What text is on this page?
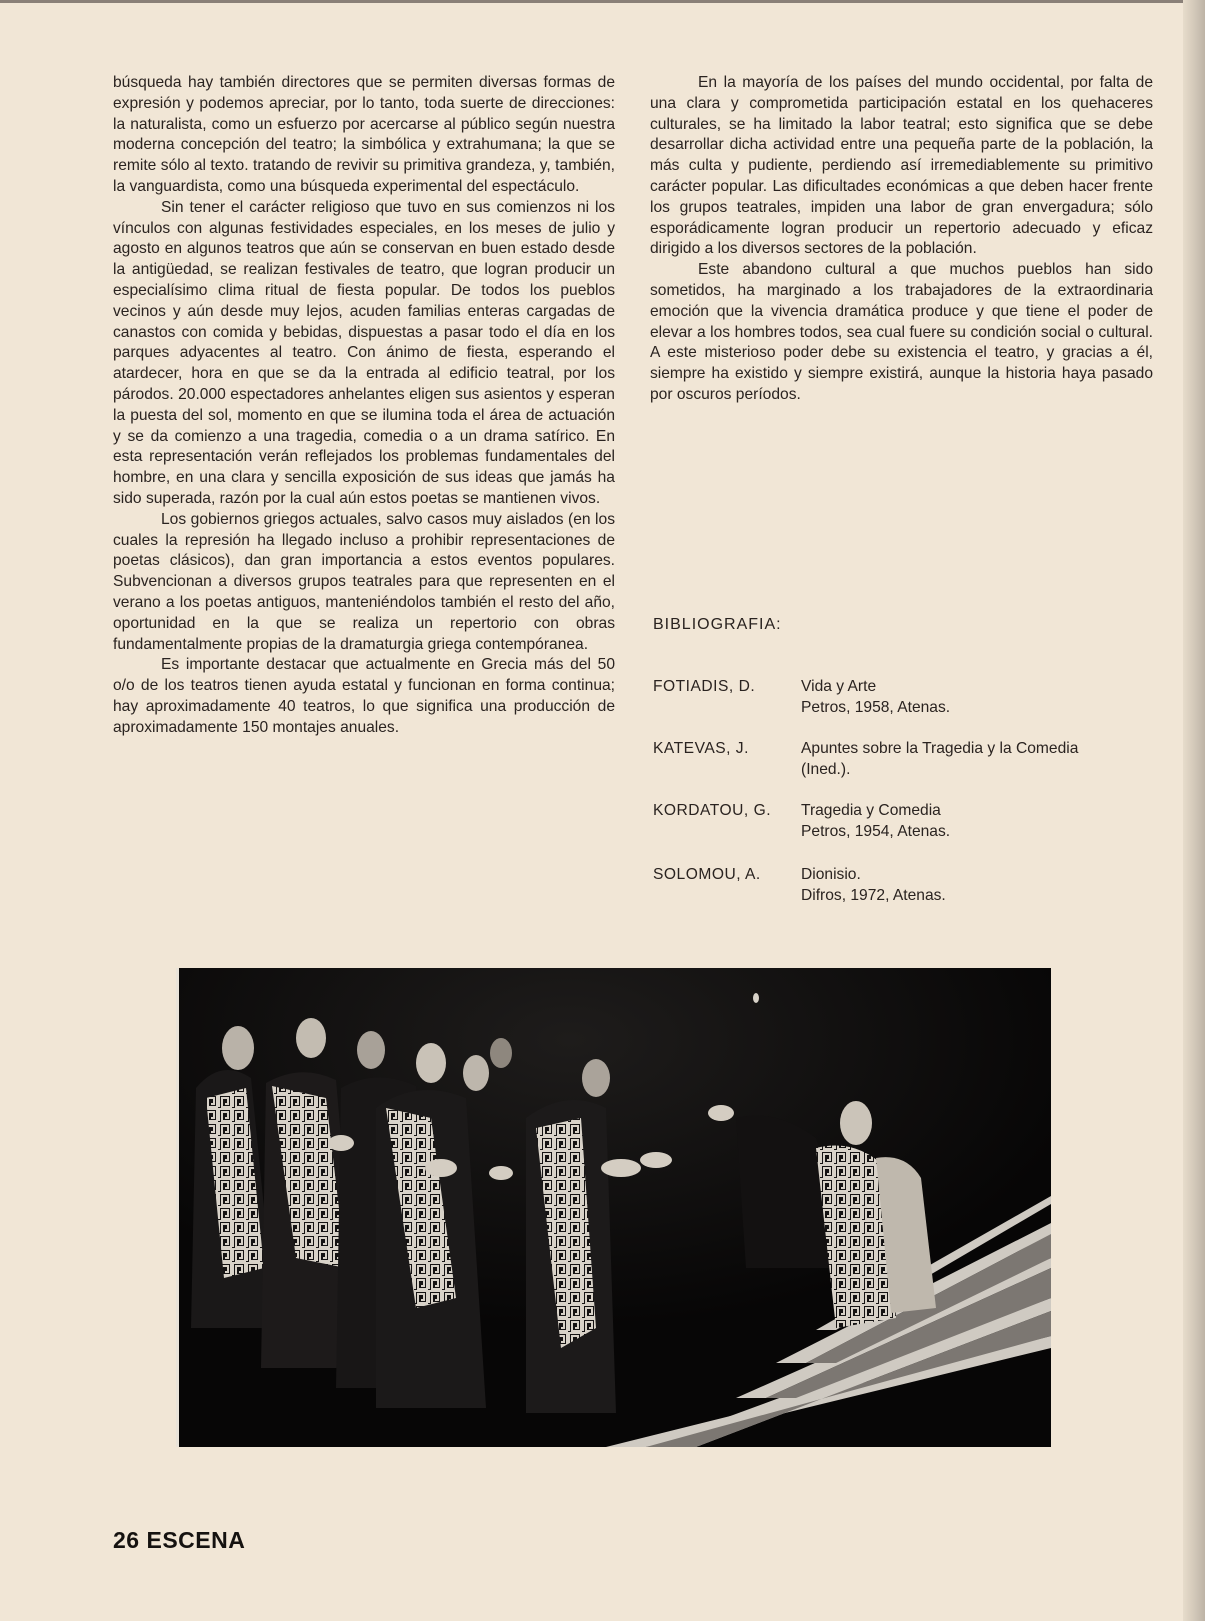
búsqueda hay también directores que se permiten diversas formas de expresión y podemos apreciar, por lo tanto, toda suerte de direcciones: la naturalista, como un esfuerzo por acercarse al público según nuestra moderna concepción del teatro; la simbólica y extrahumana; la que se remite sólo al texto. tratando de revivir su primitiva grandeza, y, también, la vanguardista, como una búsqueda experimental del espectáculo.

Sin tener el carácter religioso que tuvo en sus comienzos ni los vínculos con algunas festividades especiales, en los meses de julio y agosto en algunos teatros que aún se conservan en buen estado desde la antigüedad, se realizan festivales de teatro, que logran producir un especialísimo clima ritual de fiesta popular. De todos los pueblos vecinos y aún desde muy lejos, acuden familias enteras cargadas de canastos con comida y bebidas, dispuestas a pasar todo el día en los parques adyacentes al teatro. Con ánimo de fiesta, esperando el atardecer, hora en que se da la entrada al edificio teatral, por los párodos. 20.000 espectadores anhelantes eligen sus asientos y esperan la puesta del sol, momento en que se ilumina toda el área de actuación y se da comienzo a una tragedia, comedia o a un drama satírico. En esta representación verán reflejados los problemas fundamentales del hombre, en una clara y sencilla exposición de sus ideas que jamás ha sido superada, razón por la cual aún estos poetas se mantienen vivos.

Los gobiernos griegos actuales, salvo casos muy aislados (en los cuales la represión ha llegado incluso a prohibir representaciones de poetas clásicos), dan gran importancia a estos eventos populares. Subvencionan a diversos grupos teatrales para que representen en el verano a los poetas antiguos, manteniéndolos también el resto del año, oportunidad en la que se realiza un repertorio con obras fundamentalmente propias de la dramaturgia griega contempóranea.

Es importante destacar que actualmente en Grecia más del 50 o/o de los teatros tienen ayuda estatal y funcionan en forma continua; hay aproximadamente 40 teatros, lo que significa una producción de aproximadamente 150 montajes anuales.

En la mayoría de los países del mundo occidental, por falta de una clara y comprometida participación estatal en los quehaceres culturales, se ha limitado la labor teatral; esto significa que se debe desarrollar dicha actividad entre una pequeña parte de la población, la más culta y pudiente, perdiendo así irremediablemente su primitivo carácter popular. Las dificultades económicas a que deben hacer frente los grupos teatrales, impiden una labor de gran envergadura; sólo esporádicamente logran producir un repertorio adecuado y eficaz dirigido a los diversos sectores de la población.

Este abandono cultural a que muchos pueblos han sido sometidos, ha marginado a los trabajadores de la extraordinaria emoción que la vivencia dramática produce y que tiene el poder de elevar a los hombres todos, sea cual fuere su condición social o cultural. A este misterioso poder debe su existencia el teatro, y gracias a él, siempre ha existido y siempre existirá, aunque la historia haya pasado por oscuros períodos.

BIBLIOGRAFIA:
FOTIADIS, D.	Vida y Arte
Petros, 1958, Atenas.
KATEVAS, J.	Apuntes sobre la Tragedia y la Comedia
(Ined.).
KORDATOU, G.	Tragedia y Comedia
Petros, 1954, Atenas.
SOLOMOU, A.	Dionisio.
Difros, 1972, Atenas.
26 ESCENA
